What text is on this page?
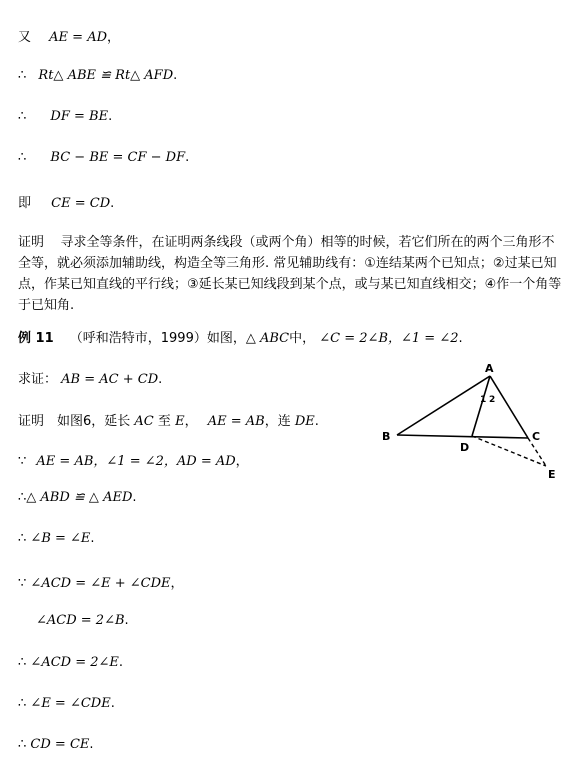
又 AE = AD，
∴ Rt△ ABE ≌ Rt△ AFD.
∴ DF = BE.
∴ BC − BE = CF − DF.
即 CE = CD.
证明 寻求全等条件，在证明两条线段（或两个角）相等的时候，若它们所在的两个三角形不全等，就必须添加辅助线，构造全等三角形. 常见辅助线有：①连结某两个已知点；②过某已知点，作某已知直线的平行线；③延长某已知线段到某个点，或与某已知直线相交；④作一个角等于已知角.
例 11 （呼和浩特市，1999）如图，△ ABC中， ∠C = 2∠B，∠1 = ∠2.
求证： AB = AC + CD.
证明　如图6，延长 AC 至 E， AE = AB，连 DE.
∵ AE = AB，∠1 = ∠2，AD = AD，
∴△ ABD ≌ △ AED.
∴ ∠B = ∠E.
∵ ∠ACD = ∠E + ∠CDE，
∠ACD = 2∠B.
∴ ∠ACD = 2∠E.
∴ ∠E = ∠CDE.
∴ CD = CE.
A
B	C
D
E
1 2
